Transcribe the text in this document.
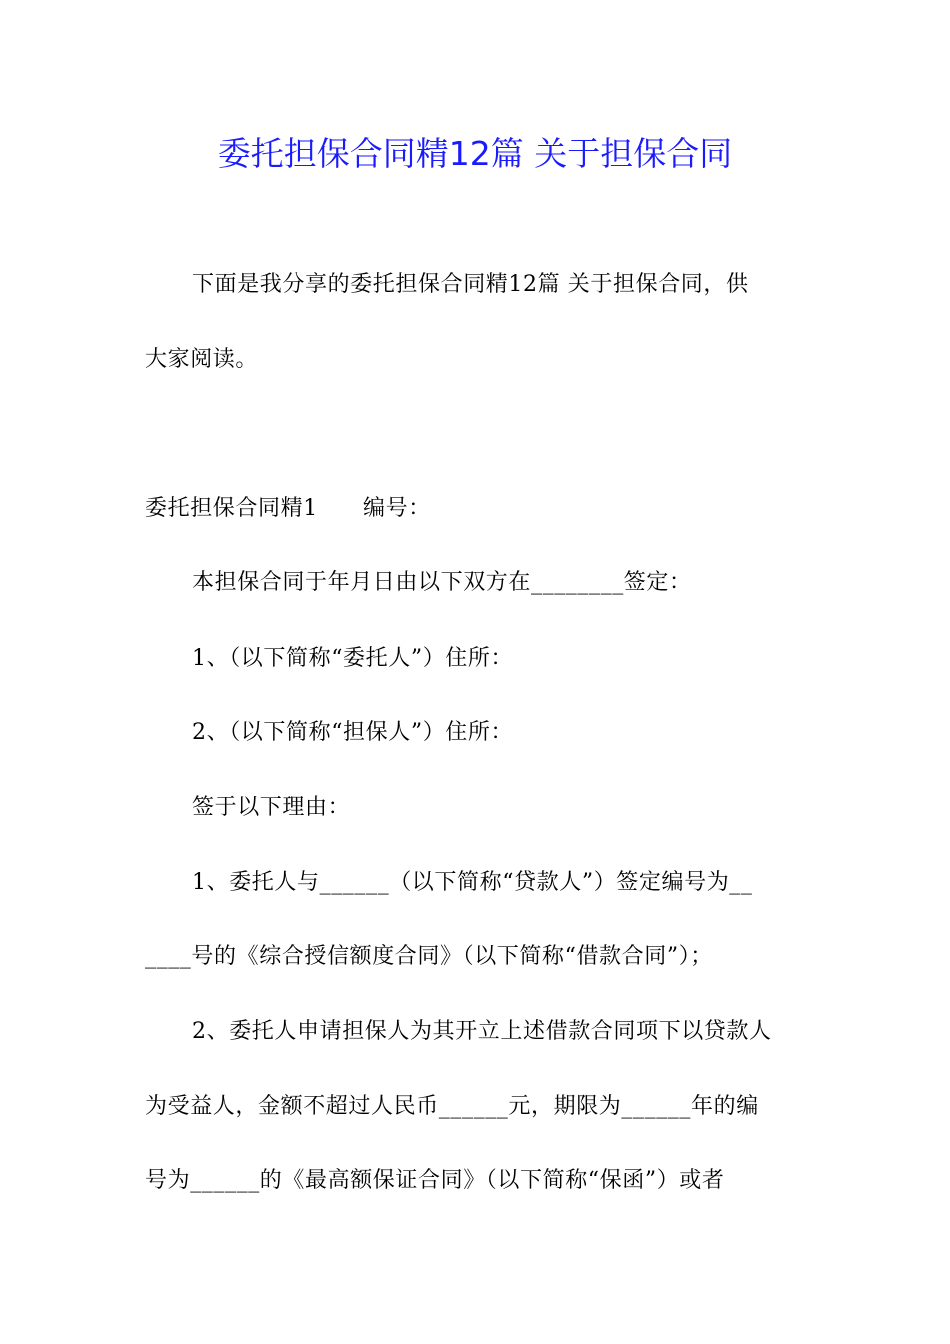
委托担保合同精12篇 关于担保合同
下面是我分享的委托担保合同精12篇 关于担保合同，供
大家阅读。
委托担保合同精1　　编号：
本担保合同于年月日由以下双方在________签定：
1、（以下简称“委托人”）住所：
2、（以下简称“担保人”）住所：
签于以下理由：
1、委托人与______（以下简称“贷款人”）签定编号为__
____号的《综合授信额度合同》（以下简称“借款合同”）；
2、委托人申请担保人为其开立上述借款合同项下以贷款人
为受益人，金额不超过人民币______元，期限为______年的编
号为______的《最高额保证合同》（以下简称“保函”）或者
